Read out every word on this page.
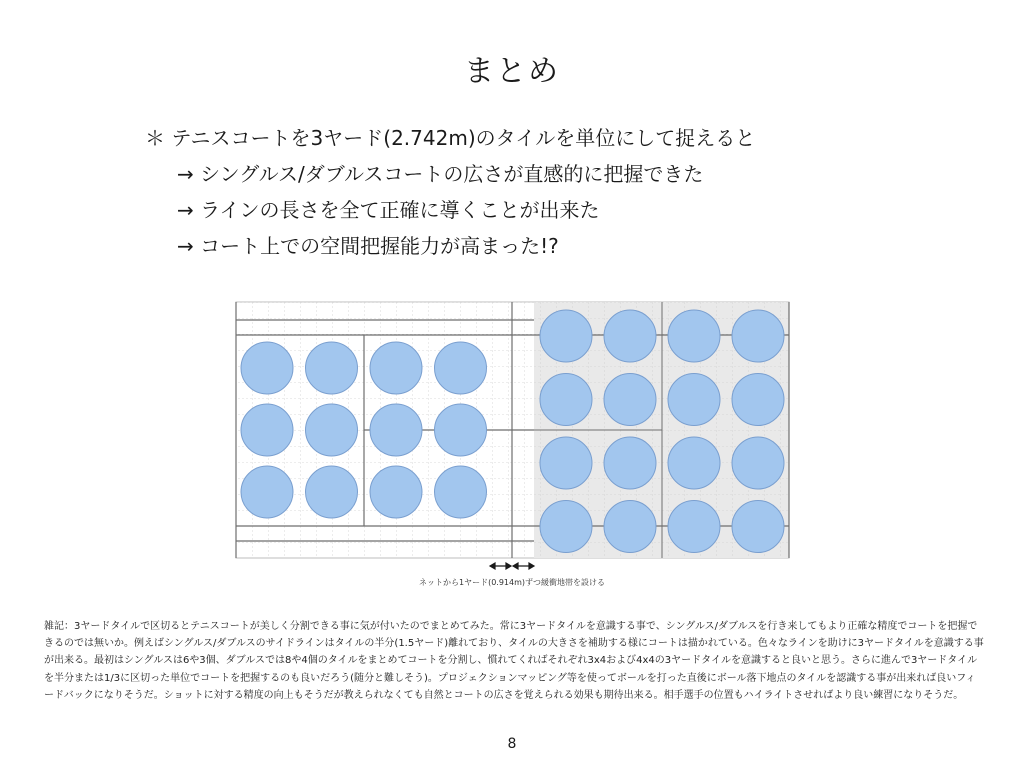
まとめ
＊ テニスコートを3ヤード(2.742m)のタイルを単位にして捉えると
→ シングルス/ダブルスコートの広さが直感的に把握できた
→ ラインの長さを全て正確に導くことが出来た
→ コート上での空間把握能力が高まった!?
ネットから1ヤード(0.914m)ずつ緩衝地帯を設ける
雑記：3ヤードタイルで区切るとテニスコートが美しく分割できる事に気が付いたのでまとめてみた。常に3ヤードタイルを意識する事で、シングルス/ダブルスを行き来してもより正確な精度でコートを把握できるのでは無いか。例えばシングルス/ダブルスのサイドラインはタイルの半分(1.5ヤード)離れており、タイルの大きさを補助する様にコートは描かれている。色々なラインを助けに3ヤードタイルを意識する事が出来る。最初はシングルスは6や3個、ダブルスでは8や4個のタイルをまとめてコートを分割し、慣れてくればそれぞれ3x4および4x4の3ヤードタイルを意識すると良いと思う。さらに進んで3ヤードタイルを半分または1/3に区切った単位でコートを把握するのも良いだろう(随分と難しそう)。プロジェクションマッピング等を使ってボールを打った直後にボール落下地点のタイルを認識する事が出来れば良いフィードバックになりそうだ。ショットに対する精度の向上もそうだが教えられなくても自然とコートの広さを覚えられる効果も期待出来る。相手選手の位置もハイライトさせればより良い練習になりそうだ。
8
